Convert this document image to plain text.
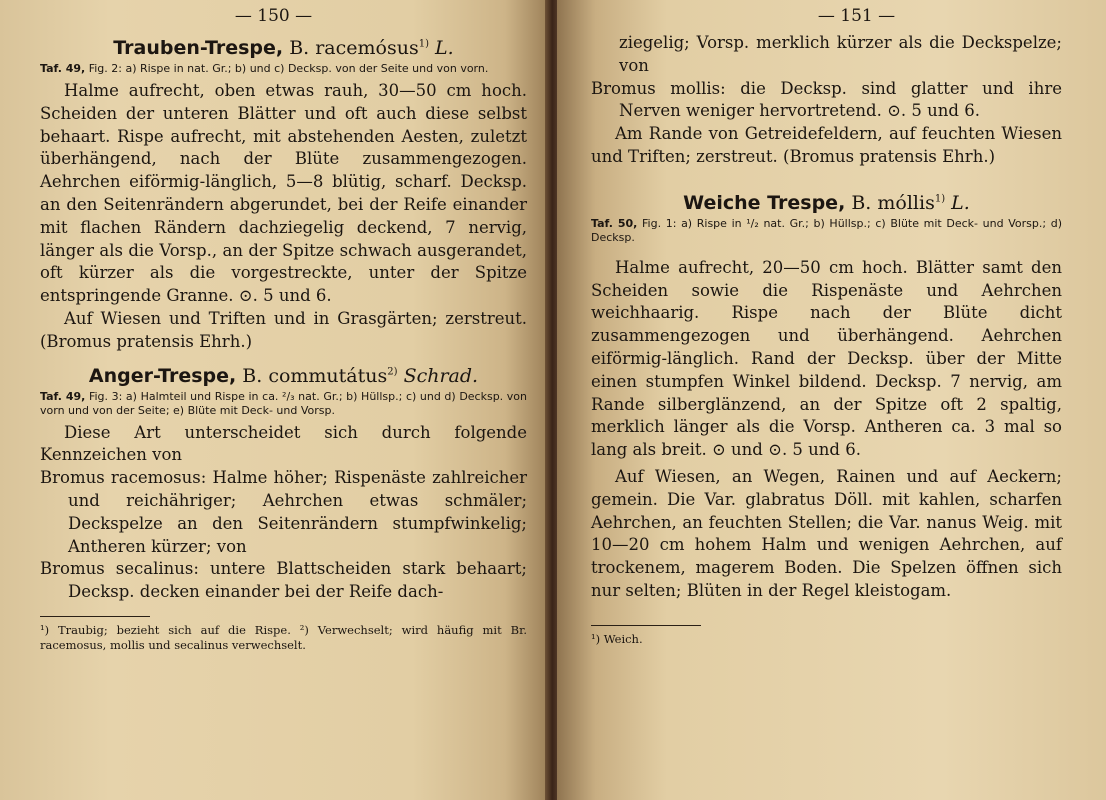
— 150 —
Trauben-Trespe, B. racemósus$^{1)}$ L.

Taf. 49, Fig. 2: a) Rispe in nat. Gr.; b) und c) Decksp. von der Seite und von vorn.

Halme aufrecht, oben etwas rauh, 30—50 cm hoch. Scheiden der unteren Blätter und oft auch diese selbst behaart. Rispe aufrecht, mit abstehenden Aesten, zuletzt überhängend, nach der Blüte zusammengezogen. Aehrchen eiförmig-länglich, 5—8 blütig, scharf. Decksp. an den Seitenrändern abgerundet, bei der Reife einander mit flachen Rändern dachziegelig deckend, 7 nervig, länger als die Vorsp., an der Spitze schwach ausgerandet, oft kürzer als die vorgestreckte, unter der Spitze entspringende Granne. ⊙. 5 und 6.

Auf Wiesen und Triften und in Grasgärten; zerstreut. (Bromus pratensis Ehrh.)

Anger-Trespe, B. commutátus$^{2)}$ Schrad.

Taf. 49, Fig. 3: a) Halmteil und Rispe in ca. ²/₃ nat. Gr.; b) Hüllsp.; c) und d) Decksp. von vorn und von der Seite; e) Blüte mit Deck- und Vorsp.

Diese Art unterscheidet sich durch folgende Kennzeichen von

Bromus racemosus: Halme höher; Rispenäste zahlreicher und reichähriger; Aehrchen etwas schmäler; Deckspelze an den Seitenrändern stumpfwinkelig; Antheren kürzer; von

Bromus secalinus: untere Blattscheiden stark behaart; Decksp. decken einander bei der Reife dach-

¹) Traubig; bezieht sich auf die Rispe. ²) Verwechselt; wird häufig mit Br. racemosus, mollis und secalinus verwechselt.

— 151 —

ziegelig; Vorsp. merklich kürzer als die Deckspelze; von

Bromus mollis: die Decksp. sind glatter und ihre Nerven weniger hervortretend. ⊙. 5 und 6.

Am Rande von Getreidefeldern, auf feuchten Wiesen und Triften; zerstreut. (Bromus pratensis Ehrh.)

Weiche Trespe, B. móllis$^{1)}$ L.

Taf. 50, Fig. 1: a) Rispe in ¹/₂ nat. Gr.; b) Hüllsp.; c) Blüte mit Deck- und Vorsp.; d) Decksp.

Halme aufrecht, 20—50 cm hoch. Blätter samt den Scheiden sowie die Rispenäste und Aehrchen weichhaarig. Rispe nach der Blüte dicht zusammengezogen und überhängend. Aehrchen eiförmig-länglich. Rand der Decksp. über der Mitte einen stumpfen Winkel bildend. Decksp. 7 nervig, am Rande silberglänzend, an der Spitze oft 2 spaltig, merklich länger als die Vorsp. Antheren ca. 3 mal so lang als breit. ⊙ und ⊙. 5 und 6.

Auf Wiesen, an Wegen, Rainen und auf Aeckern; gemein. Die Var. glabratus Döll. mit kahlen, scharfen Aehrchen, an feuchten Stellen; die Var. nanus Weig. mit 10—20 cm hohem Halm und wenigen Aehrchen, auf trockenem, magerem Boden. Die Spelzen öffnen sich nur selten; Blüten in der Regel kleistogam.

¹) Weich.
